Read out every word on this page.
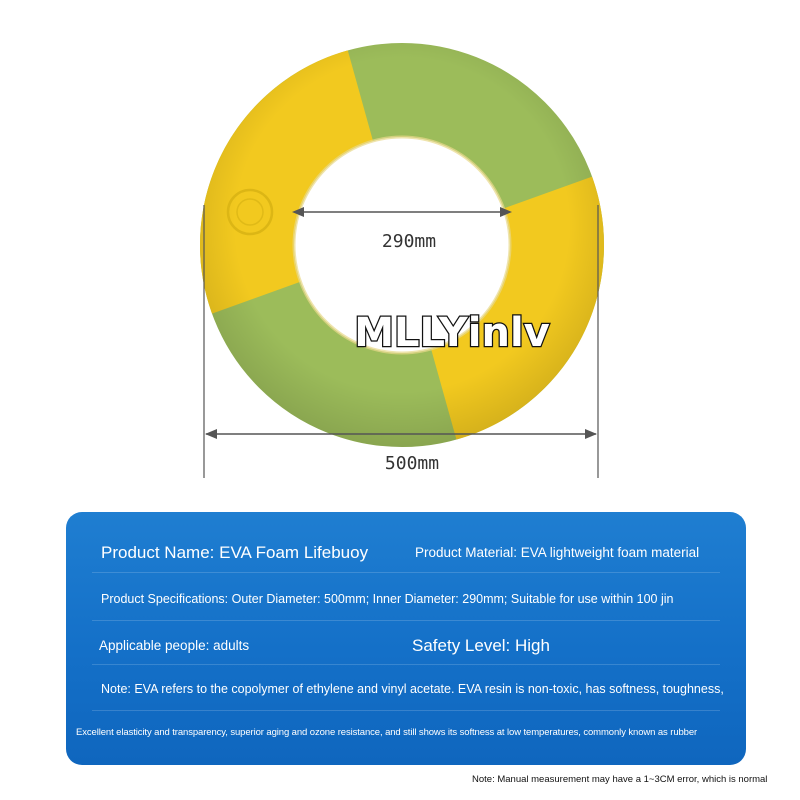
290mm
MLLYinlv
500mm
Product Name: EVA Foam Lifebuoy	Product Material: EVA lightweight foam material
Product Specifications: Outer Diameter: 500mm; Inner Diameter: 290mm; Suitable for use within 100 jin
Applicable people: adults	Safety Level: High
Note: EVA refers to the copolymer of ethylene and vinyl acetate. EVA resin is non-toxic, has softness, toughness,
Excellent elasticity and transparency, superior aging and ozone resistance, and still shows its softness at low temperatures, commonly known as rubber
Note: Manual measurement may have a 1~3CM error, which is normal
